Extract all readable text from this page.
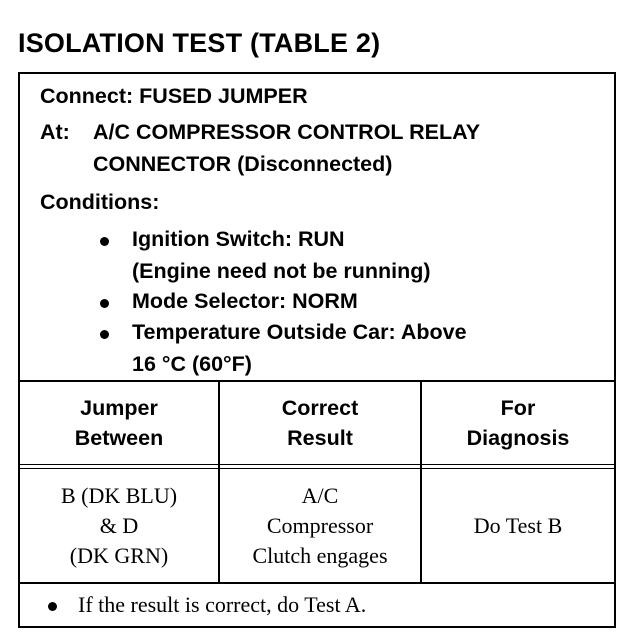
ISOLATION TEST (TABLE 2)
Connect: FUSED JUMPER
At: A/C COMPRESSOR CONTROL RELAY
CONNECTOR (Disconnected)
Conditions:
Ignition Switch: RUN
(Engine need not be running)
Mode Selector: NORM
Temperature Outside Car: Above
16 °C (60°F)
Jumper
Between
Correct
Result
For
Diagnosis
B (DK BLU)
& D
(DK GRN)
A/C
Compressor
Clutch engages
Do Test B
If the result is correct, do Test A.
